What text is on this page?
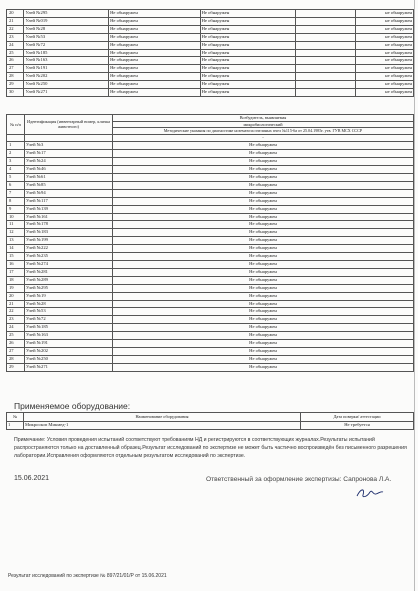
20	Улей №295	Не обнаружен	Не обнаружен		не обнаружен
21	Улей №019	Не обнаружен	Не обнаружен		не обнаружен
22	Улей №28	Не обнаружен	Не обнаружен		не обнаружен
23	Улей №53	Не обнаружен	Не обнаружен		не обнаружен
24	Улей №72	Не обнаружен	Не обнаружен		не обнаружен
25	Улей №185	Не обнаружен	Не обнаружен		не обнаружен
26	Улей №163	Не обнаружен	Не обнаружен		не обнаружен
27	Улей №191	Не обнаружен	Не обнаружен		не обнаружен
28	Улей №202	Не обнаружен	Не обнаружен		не обнаружен
29	Улей №250	Не обнаружен	Не обнаружен		не обнаружен
30	Улей №271	Не обнаружен	Не обнаружен		не обнаружен
№ п/п	Идентификация (инвентарный номер, кличка животного)	Возбудитель, выявляемая
		микробиологический
		Методические указания по диагностике нозематоза пчелиных пчел №115-6а от 25.04.1985г. утв. ГУВ МСХ СССР
		-
1	Улей №3	Не обнаружен
2	Улей №17	Не обнаружен
3	Улей №24	Не обнаружен
4	Улей №46	Не обнаружен
5	Улей №61	Не обнаружен
6	Улей №85	Не обнаружен
7	Улей №94	Не обнаружен
8	Улей №117	Не обнаружен
9	Улей №139	Не обнаружен
10	Улей №161	Не обнаружен
11	Улей №178	Не обнаружен
12	Улей №183	Не обнаружен
13	Улей №199	Не обнаружен
14	Улей №222	Не обнаружен
15	Улей №235	Не обнаружен
16	Улей №274	Не обнаружен
17	Улей №281	Не обнаружен
18	Улей №289	Не обнаружен
19	Улей №295	Не обнаружен
20	Улей №19	Не обнаружен
21	Улей №28	Не обнаружен
22	Улей №53	Не обнаружен
23	Улей №72	Не обнаружен
24	Улей №185	Не обнаружен
25	Улей №163	Не обнаружен
26	Улей №191	Не обнаружен
27	Улей №202	Не обнаружен
28	Улей №250	Не обнаружен
29	Улей №271	Не обнаружен
Применяемое оборудование:
№	Наименование оборудования	Дата поверки/ аттестации
1	Микроскоп Микмед-1	Не требуется
Примечание: Условия проведения испытаний соответствуют требованиям НД и регистрируются в соответствующих журналах.Результаты испытаний распространяются только на доставленный образец.Результат исследований по экспертизе не может быть частично воспроизведён без письменного разрешения лаборатории.Исправления оформляются отдельным результатом исследований по экспертизе.
15.06.2021	Ответственный за оформление экспертизы: Сапронова Л.А.
Результат исследований по экспертизе № 897/21/01/Р от 15.06.2021
